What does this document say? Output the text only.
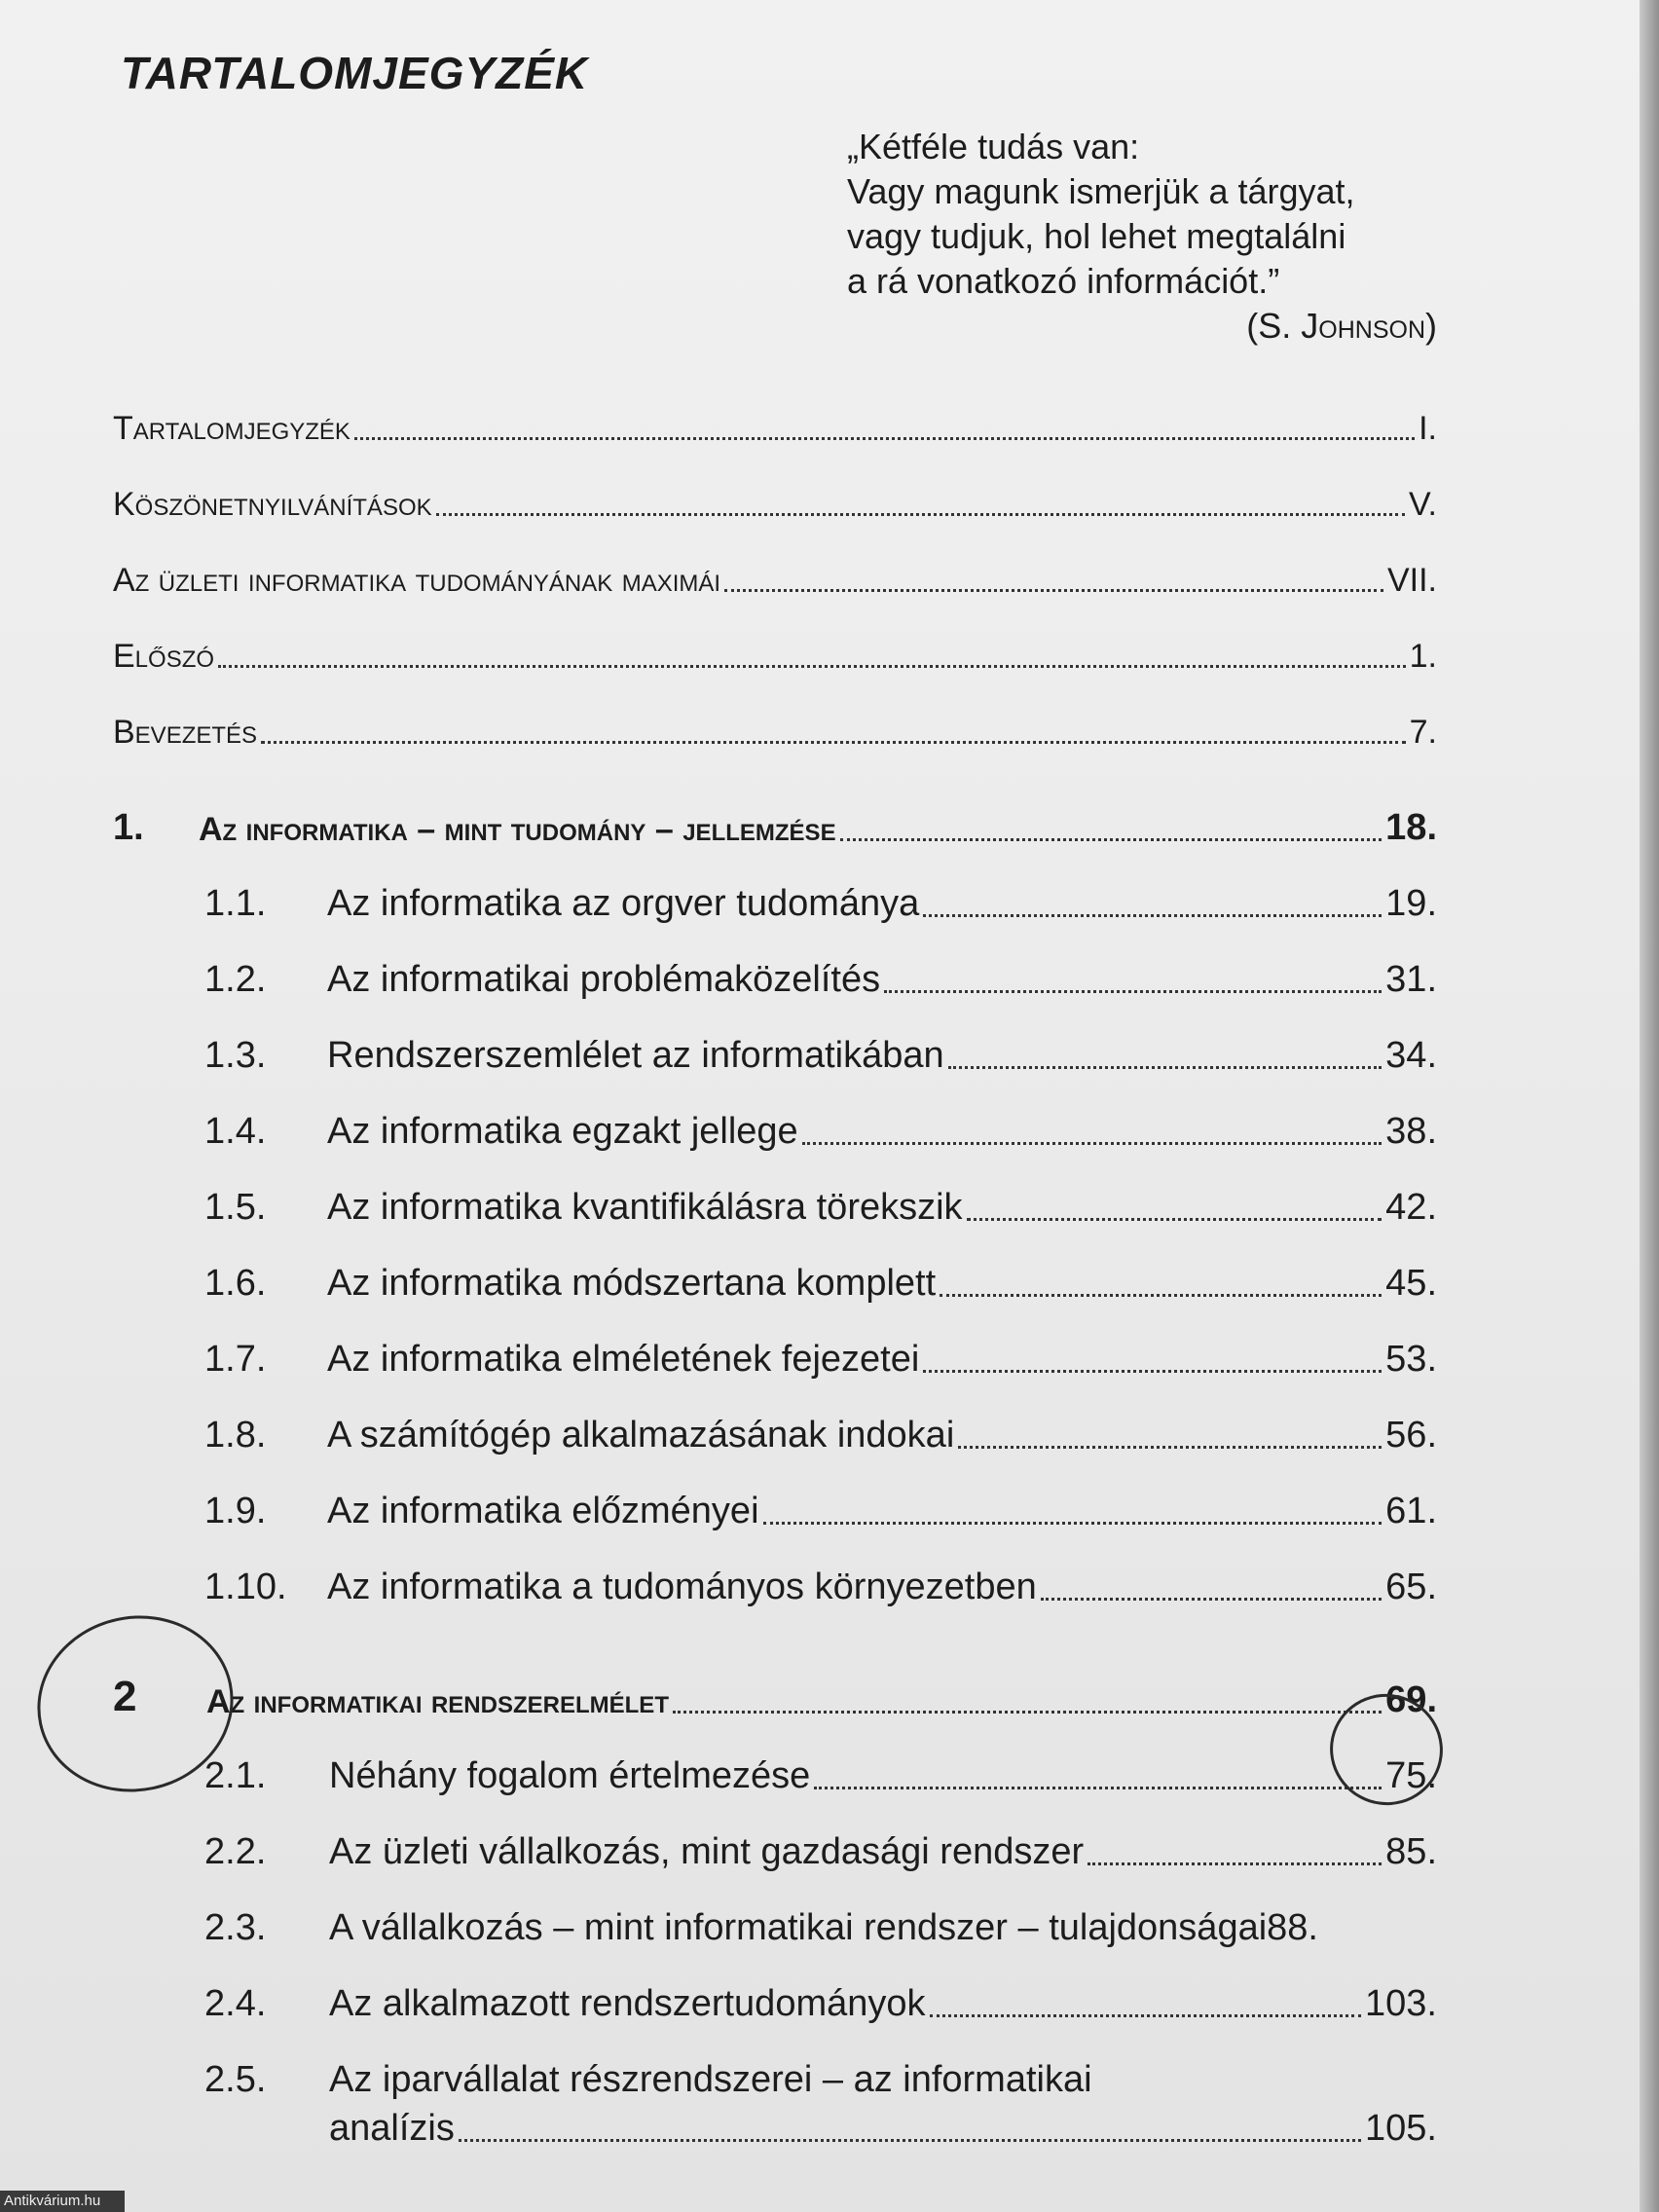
TARTALOMJEGYZÉK
„Kétféle tudás van:
Vagy magunk ismerjük a tárgyat,
vagy tudjuk, hol lehet megtalálni
a rá vonatkozó információt.”
(S. Johnson)
Tartalomjegyzék	I.
Köszönetnyilvánítások	V.
Az üzleti informatika tudományának maximái	VII.
Előszó	1.
Bevezetés	7.
1.	Az informatika – mint tudomány – jellemzése	18.
1.1.	Az informatika az orgver tudománya	19.
1.2.	Az informatikai problémaközelítés	31.
1.3.	Rendszerszemlélet az informatikában	34.
1.4.	Az informatika egzakt jellege	38.
1.5.	Az informatika kvantifikálásra törekszik	42.
1.6.	Az informatika módszertana komplett	45.
1.7.	Az informatika elméletének fejezetei	53.
1.8.	A számítógép alkalmazásának indokai	56.
1.9.	Az informatika előzményei	61.
1.10.	Az informatika a tudományos környezetben	65.
2	Az informatikai rendszerelmélet	69.
2.1.	Néhány fogalom értelmezése	75.
2.2.	Az üzleti vállalkozás, mint gazdasági rendszer	85.
2.3.	A vállalkozás – mint informatikai rendszer – tulajdonságai 88.
2.4.	Az alkalmazott rendszertudományok	103.
2.5.	Az iparvállalat részrendszerei – az informatikai
analízis	105.
Antikvárium.hu
